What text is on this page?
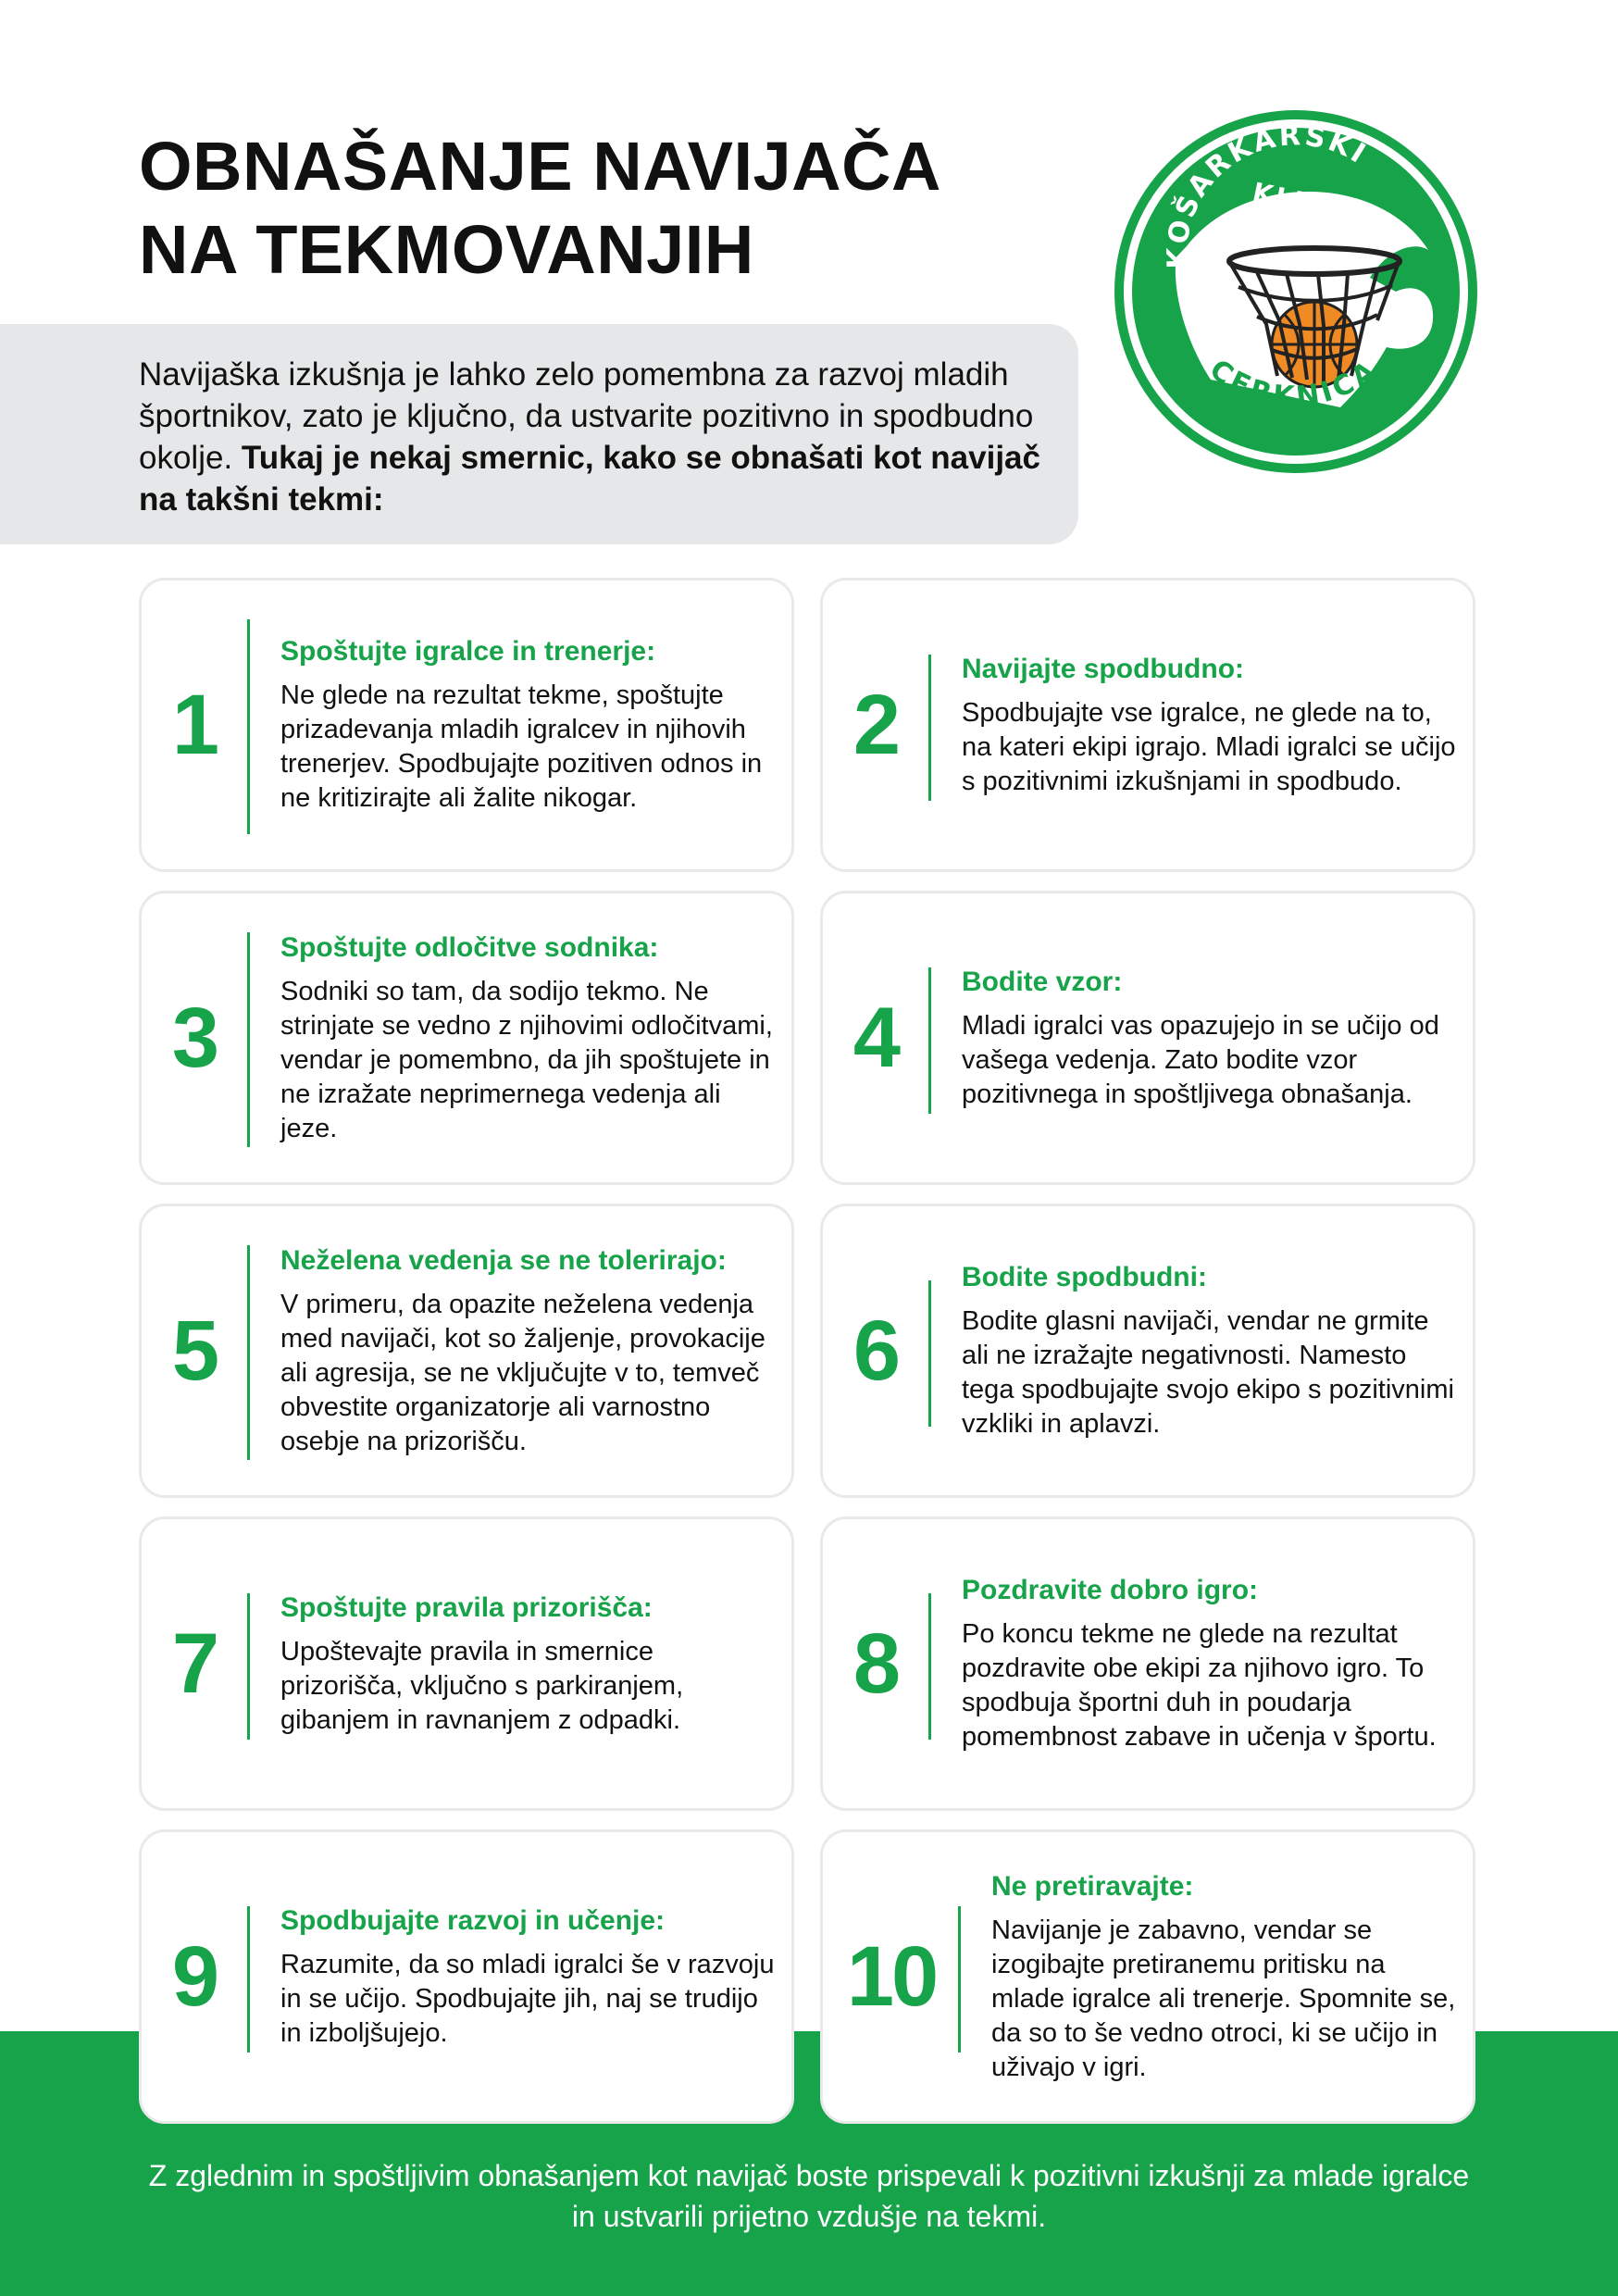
OBNAŠANJE NAVIJAČA
NA TEKMOVANJIH

Navijaška izkušnja je lahko zelo pomembna za razvoj mladih športnikov, zato je ključno, da ustvarite pozitivno in spodbudno okolje. Tukaj je nekaj smernic, kako se obnašati kot navijač na takšni tekmi:

KOŠARKARSKI
KLUB
CERKNICA

Z zglednim in spoštljivim obnašanjem kot navijač boste prispevali k pozitivni izkušnji za mlade igralce in ustvarili prijetno vzdušje na tekmi.

1
Spoštujte igralce in trenerje:

Ne glede na rezultat tekme, spoštujte prizadevanja mladih igralcev in njihovih trenerjev. Spodbujajte pozitiven odnos in ne kritizirajte ali žalite nikogar.

2
Navijajte spodbudno:

Spodbujajte vse igralce, ne glede na to, na kateri ekipi igrajo. Mladi igralci se učijo s pozitivnimi izkušnjami in spodbudo.

3
Spoštujte odločitve sodnika:

Sodniki so tam, da sodijo tekmo. Ne strinjate se vedno z njihovimi odločitvami, vendar je pomembno, da jih spoštujete in ne izražate neprimernega vedenja ali jeze.

4
Bodite vzor:

Mladi igralci vas opazujejo in se učijo od vašega vedenja. Zato bodite vzor pozitivnega in spoštljivega obnašanja.

5
Neželena vedenja se ne tolerirajo:

V primeru, da opazite neželena vedenja med navijači, kot so žaljenje, provokacije ali agresija, se ne vključujte v to, temveč obvestite organizatorje ali varnostno osebje na prizorišču.

6
Bodite spodbudni:

Bodite glasni navijači, vendar ne grmite ali ne izražajte negativnosti. Namesto tega spodbujajte svojo ekipo s pozitivnimi vzkliki in aplavzi.

7
Spoštujte pravila prizorišča:

Upoštevajte pravila in smernice prizorišča, vključno s parkiranjem, gibanjem in ravnanjem z odpadki.

8
Pozdravite dobro igro:

Po koncu tekme ne glede na rezultat pozdravite obe ekipi za njihovo igro. To spodbuja športni duh in poudarja pomembnost zabave in učenja v športu.

9
Spodbujajte razvoj in učenje:

Razumite, da so mladi igralci še v razvoju in se učijo. Spodbujajte jih, naj se trudijo in izboljšujejo.

10
Ne pretiravajte:

Navijanje je zabavno, vendar se izogibajte pretiranemu pritisku na mlade igralce ali trenerje. Spomnite se, da so to še vedno otroci, ki se učijo in uživajo v igri.
